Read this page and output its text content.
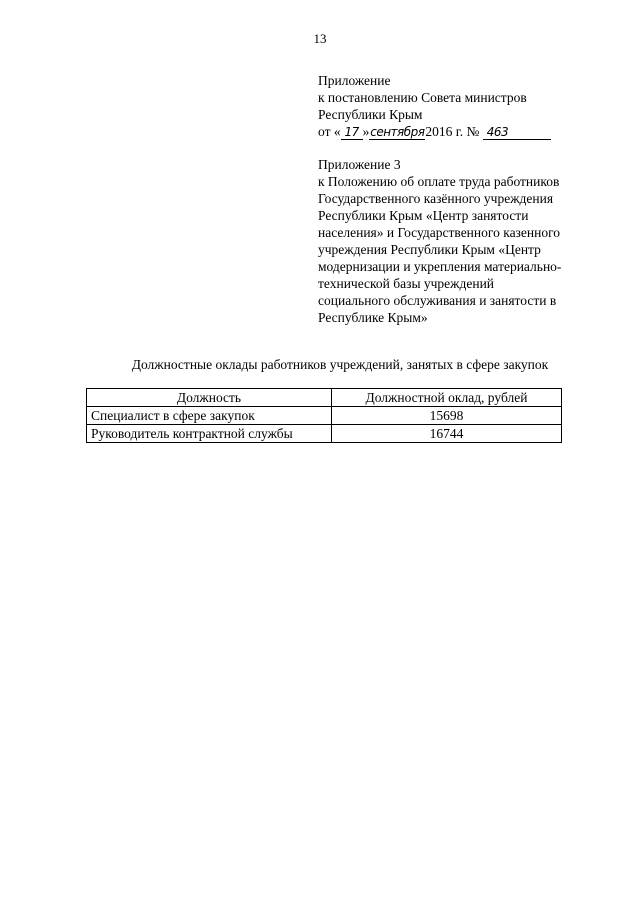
13
Приложение
к постановлению Совета министров
Республики Крым
от « 17 »сентября2016 г. № 463
Приложение 3
к Положению об оплате труда работников
Государственного казённого учреждения
Республики Крым «Центр занятости
населения» и Государственного казенного
учреждения Республики Крым «Центр
модернизации и укрепления материально-
технической базы учреждений
социального обслуживания и занятости в
Республике Крым»
Должностные оклады работников учреждений, занятых в сфере закупок
Должность	Должностной оклад, рублей
Специалист в сфере закупок	15698
Руководитель контрактной службы	16744
